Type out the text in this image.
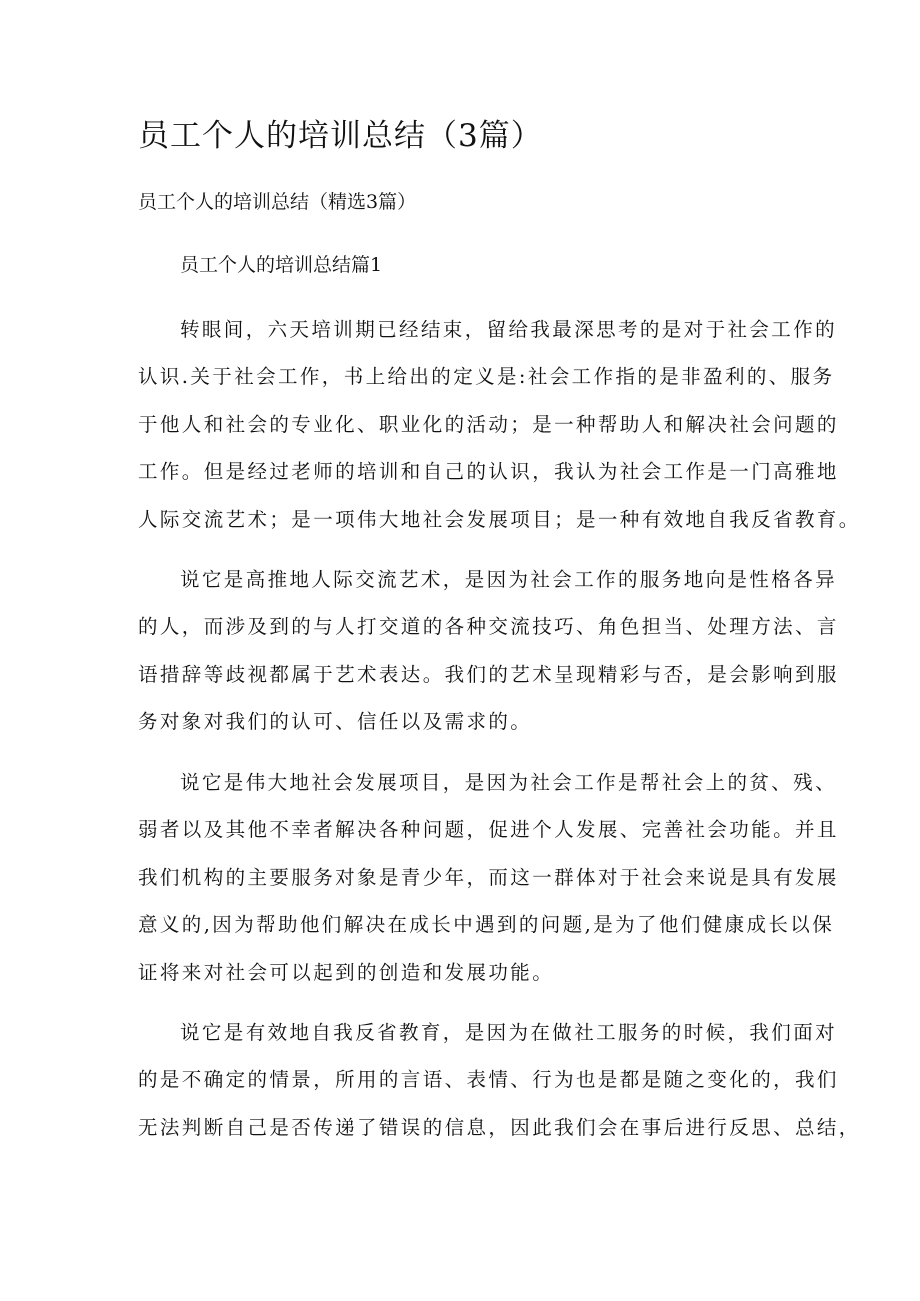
员工个人的培训总结（3篇）

员工个人的培训总结（精选3篇）

员工个人的培训总结篇1

转眼间，六天培训期已经结束，留给我最深思考的是对于社会工作的
认识.关于社会工作，书上给出的定义是:社会工作指的是非盈利的、服务
于他人和社会的专业化、职业化的活动；是一种帮助人和解决社会问题的
工作。但是经过老师的培训和自己的认识，我认为社会工作是一门高雅地
人际交流艺术；是一项伟大地社会发展项目；是一种有效地自我反省教育。

说它是高推地人际交流艺术，是因为社会工作的服务地向是性格各异
的人，而涉及到的与人打交道的各种交流技巧、角色担当、处理方法、言
语措辞等歧视都属于艺术表达。我们的艺术呈现精彩与否，是会影响到服
务对象对我们的认可、信任以及需求的。

说它是伟大地社会发展项目，是因为社会工作是帮社会上的贫、残、
弱者以及其他不幸者解决各种问题，促进个人发展、完善社会功能。并且
我们机构的主要服务对象是青少年，而这一群体对于社会来说是具有发展
意义的,因为帮助他们解决在成长中遇到的问题,是为了他们健康成长以保
证将来对社会可以起到的创造和发展功能。

说它是有效地自我反省教育，是因为在做社工服务的时候，我们面对
的是不确定的情景，所用的言语、表情、行为也是都是随之变化的，我们
无法判断自己是否传递了错误的信息，因此我们会在事后进行反思、总结，
